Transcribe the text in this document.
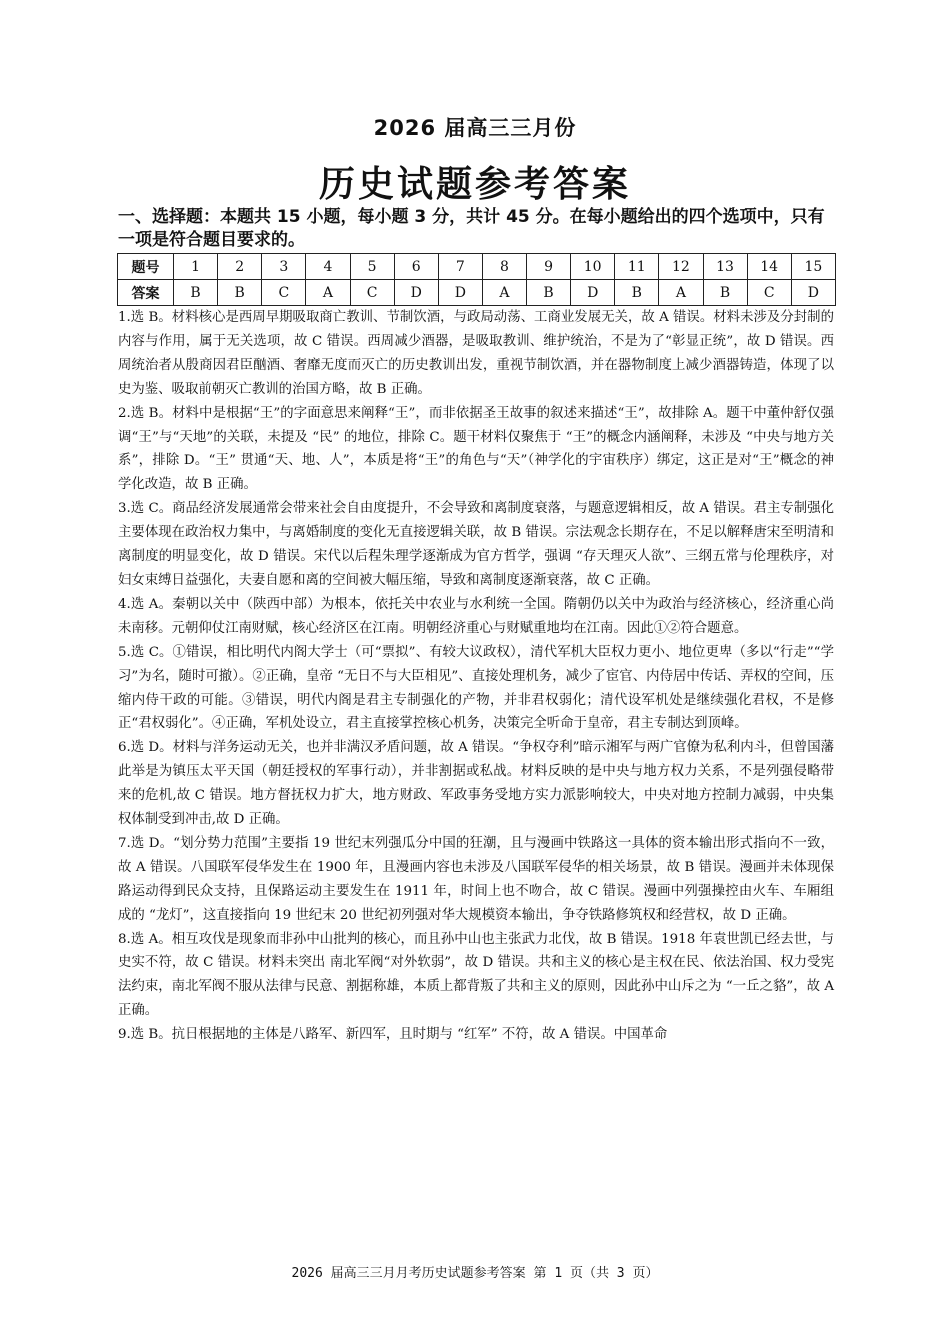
2026 届高三三月份
历史试题参考答案
一、选择题：本题共 15 小题，每小题 3 分，共计 45 分。在每小题给出的四个选项中，只有一项是符合题目要求的。
题号	1	2	3	4	5	6	7	8	9	10	11	12	13	14	15
答案	B	B	C	A	C	D	D	A	B	D	B	A	B	C	D

1.选 B。材料核心是西周早期吸取商亡教训、节制饮酒，与政局动荡、工商业发展无关，故 A 错误。材料未涉及分封制的内容与作用，属于无关选项，故 C 错误。西周减少酒器，是吸取教训、维护统治，不是为了“彰显正统”，故 D 错误。西周统治者从殷商因君臣酗酒、奢靡无度而灭亡的历史教训出发，重视节制饮酒，并在器物制度上减少酒器铸造，体现了以史为鉴、吸取前朝灭亡教训的治国方略，故 B 正确。

2.选 B。材料中是根据“王”的字面意思来阐释“王”，而非依据圣王故事的叙述来描述“王”，故排除 A。题干中董仲舒仅强调“王”与“天地”的关联，未提及 “民” 的地位，排除 C。题干材料仅聚焦于 “王”的概念内涵阐释，未涉及 “中央与地方关系”，排除 D。“王” 贯通“天、地、人”，本质是将“王”的角色与“天”（神学化的宇宙秩序）绑定，这正是对“王”概念的神学化改造，故 B 正确。

3.选 C。商品经济发展通常会带来社会自由度提升，不会导致和离制度衰落，与题意逻辑相反，故 A 错误。君主专制强化主要体现在政治权力集中，与离婚制度的变化无直接逻辑关联，故 B 错误。宗法观念长期存在，不足以解释唐宋至明清和离制度的明显变化，故 D 错误。宋代以后程朱理学逐渐成为官方哲学，强调 “存天理灭人欲”、三纲五常与伦理秩序，对妇女束缚日益强化，夫妻自愿和离的空间被大幅压缩，导致和离制度逐渐衰落，故 C 正确。

4.选 A。秦朝以关中（陕西中部）为根本，依托关中农业与水利统一全国。隋朝仍以关中为政治与经济核心，经济重心尚未南移。元朝仰仗江南财赋，核心经济区在江南。明朝经济重心与财赋重地均在江南。因此①②符合题意。

5.选 C。①错误，相比明代内阁大学士（可“票拟”、有较大议政权），清代军机大臣权力更小、地位更卑（多以“行走”“学习”为名，随时可撤）。②正确，皇帝 “无日不与大臣相见”、直接处理机务，减少了宦官、内侍居中传话、弄权的空间，压缩内侍干政的可能。③错误，明代内阁是君主专制强化的产物，并非君权弱化；清代设军机处是继续强化君权，不是修正“君权弱化”。④正确，军机处设立，君主直接掌控核心机务，决策完全听命于皇帝，君主专制达到顶峰。

6.选 D。材料与洋务运动无关，也并非满汉矛盾问题，故 A 错误。“争权夺利”暗示湘军与两广官僚为私利内斗，但曾国藩此举是为镇压太平天国（朝廷授权的军事行动），并非割据或私战。材料反映的是中央与地方权力关系，不是列强侵略带来的危机,故 C 错误。地方督抚权力扩大，地方财政、军政事务受地方实力派影响较大，中央对地方控制力减弱，中央集权体制受到冲击,故 D 正确。

7.选 D。“划分势力范围”主要指 19 世纪末列强瓜分中国的狂潮，且与漫画中铁路这一具体的资本输出形式指向不一致，故 A 错误。八国联军侵华发生在 1900 年，且漫画内容也未涉及八国联军侵华的相关场景，故 B 错误。漫画并未体现保路运动得到民众支持，且保路运动主要发生在 1911 年，时间上也不吻合，故 C 错误。漫画中列强操控由火车、车厢组成的 “龙灯”，这直接指向 19 世纪末 20 世纪初列强对华大规模资本输出，争夺铁路修筑权和经营权，故 D 正确。

8.选 A。相互攻伐是现象而非孙中山批判的核心，而且孙中山也主张武力北伐，故 B 错误。1918 年袁世凯已经去世，与史实不符，故 C 错误。材料未突出 南北军阀“对外软弱”，故 D 错误。共和主义的核心是主权在民、依法治国、权力受宪法约束，南北军阀不服从法律与民意、割据称雄，本质上都背叛了共和主义的原则，因此孙中山斥之为 “一丘之貉”，故 A 正确。

9.选 B。抗日根据地的主体是八路军、新四军，且时期与 “红军” 不符，故 A 错误。中国革命

2026 届高三三月月考历史试题参考答案 第 1 页（共 3 页）
